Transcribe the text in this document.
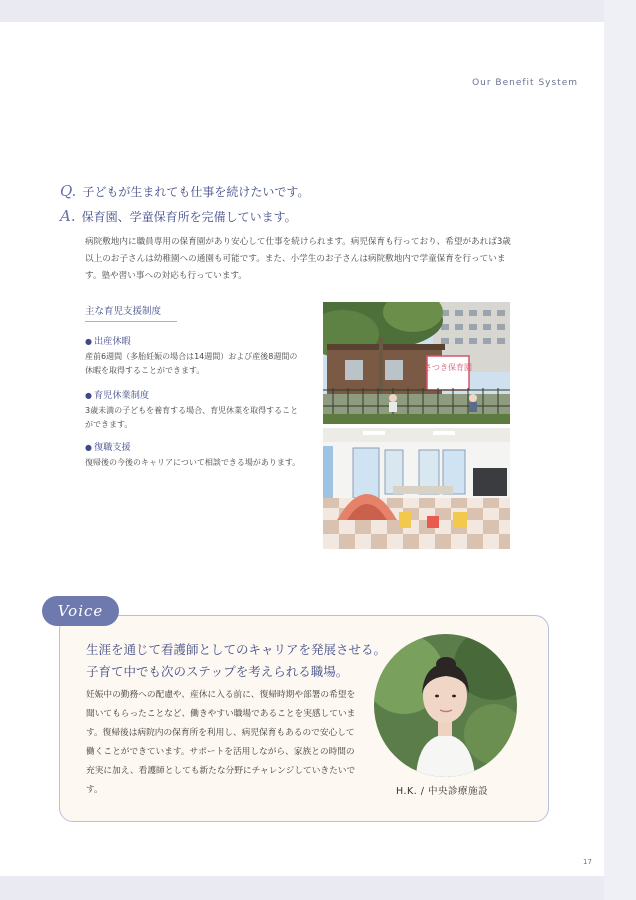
Our Benefit System
Q. 子どもが生まれても仕事を続けたいです。
A. 保育園、学童保育所を完備しています。
病院敷地内に職員専用の保育園があり安心して仕事を続けられます。病児保育も行っており、希望があれば3歳以上のお子さんは幼稚園への通園も可能です。また、小学生のお子さんは病院敷地内で学童保育を行っています。塾や習い事への対応も行っています。
主な育児支援制度
● 出産休暇
産前6週間（多胎妊娠の場合は14週間）および産後8週間の休暇を取得することができます。
● 育児休業制度
3歳未満の子どもを養育する場合、育児休業を取得することができます。
● 復職支援
復帰後の今後のキャリアについて相談できる場があります。
さつき保育園
Voice
生涯を通じて看護師としてのキャリアを発展させる。
子育て中でも次のステップを考えられる職場。
妊娠中の勤務への配慮や、産休に入る前に、復帰時期や部署の希望を聞いてもらったことなど、働きやすい職場であることを実感しています。復帰後は病院内の保育所を利用し、病児保育もあるので安心して働くことができています。サポートを活用しながら、家族との時間の充実に加え、看護師としても新たな分野にチャレンジしていきたいです。	H.K. / 中央診療施設
17
